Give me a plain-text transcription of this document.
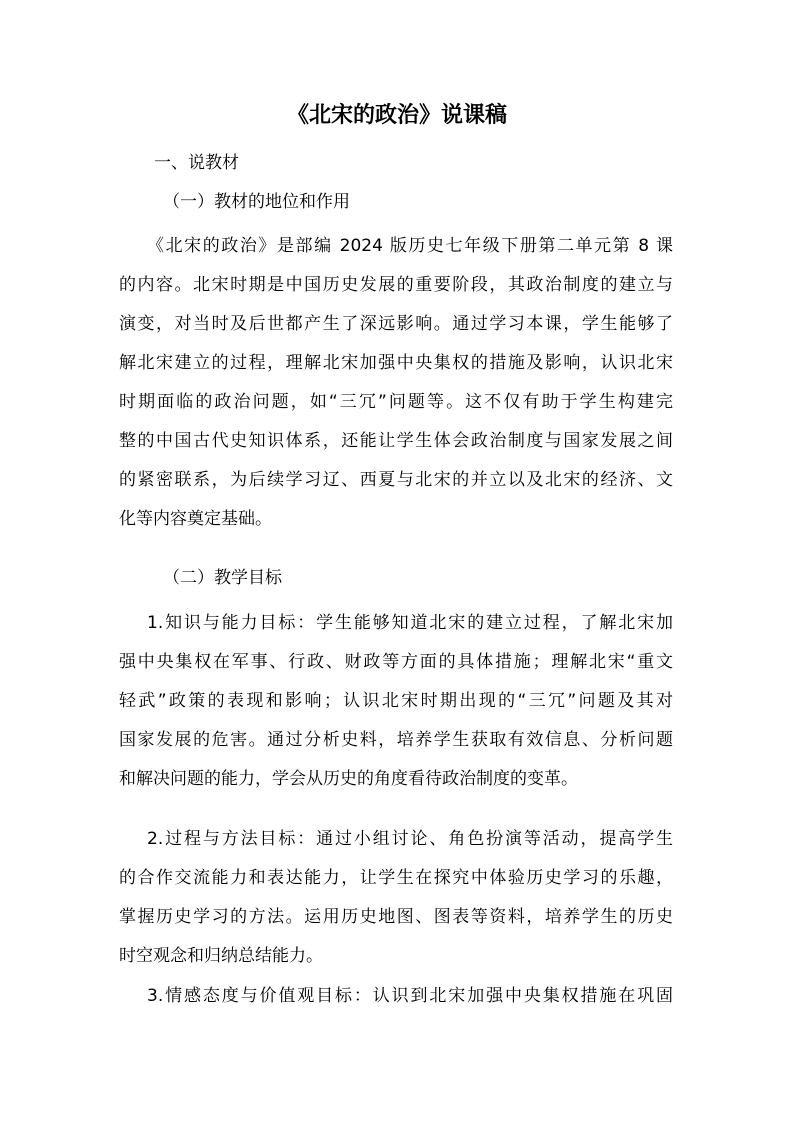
《北宋的政治》说课稿
一、说教材
（一）教材的地位和作用
《北宋的政治》是部编 2024 版历史七年级下册第二单元第 8 课
的内容。北宋时期是中国历史发展的重要阶段，其政治制度的建立与
演变，对当时及后世都产生了深远影响。通过学习本课，学生能够了
解北宋建立的过程，理解北宋加强中央集权的措施及影响，认识北宋
时期面临的政治问题，如“三冗”问题等。这不仅有助于学生构建完
整的中国古代史知识体系，还能让学生体会政治制度与国家发展之间
的紧密联系，为后续学习辽、西夏与北宋的并立以及北宋的经济、文
化等内容奠定基础。
（二）教学目标
1.知识与能力目标：学生能够知道北宋的建立过程，了解北宋加
强中央集权在军事、行政、财政等方面的具体措施；理解北宋“重文
轻武”政策的表现和影响；认识北宋时期出现的“三冗”问题及其对
国家发展的危害。通过分析史料，培养学生获取有效信息、分析问题
和解决问题的能力，学会从历史的角度看待政治制度的变革。
2.过程与方法目标：通过小组讨论、角色扮演等活动，提高学生
的合作交流能力和表达能力，让学生在探究中体验历史学习的乐趣，
掌握历史学习的方法。运用历史地图、图表等资料，培养学生的历史
时空观念和归纳总结能力。
3.情感态度与价值观目标：认识到北宋加强中央集权措施在巩固
